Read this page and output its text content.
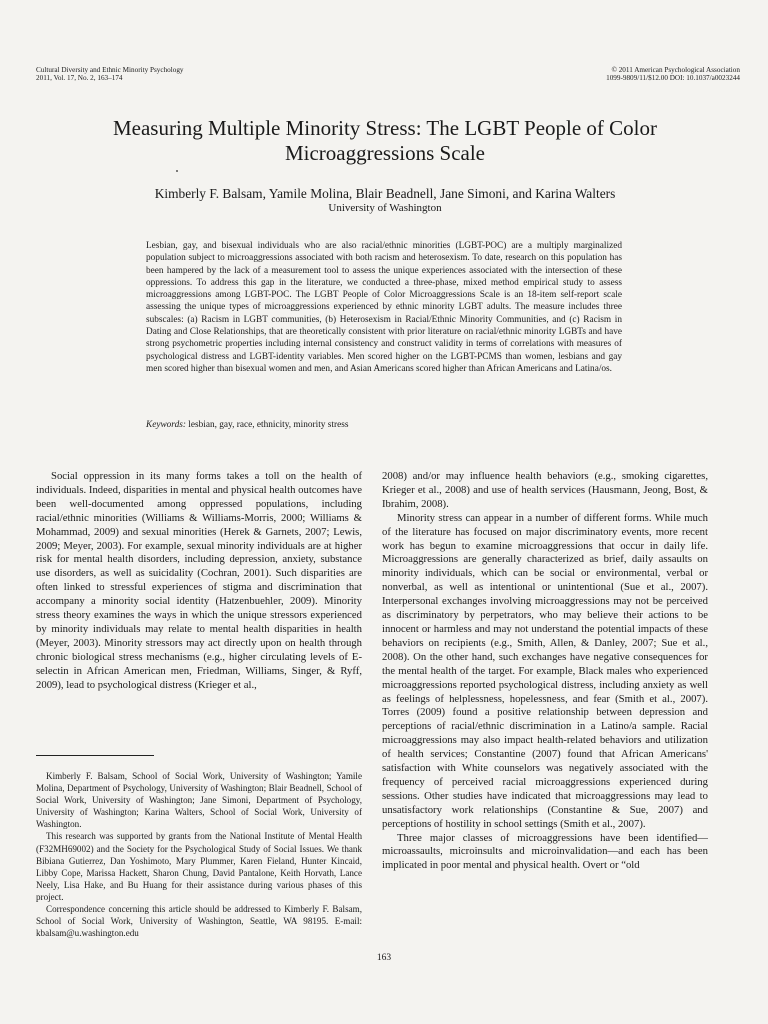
Cultural Diversity and Ethnic Minority Psychology
2011, Vol. 17, No. 2, 163–174
© 2011 American Psychological Association
1099-9809/11/$12.00 DOI: 10.1037/a0023244
Measuring Multiple Minority Stress: The LGBT People of Color
Microaggressions Scale
Kimberly F. Balsam, Yamile Molina, Blair Beadnell, Jane Simoni, and Karina Walters
University of Washington

Lesbian, gay, and bisexual individuals who are also racial/ethnic minorities (LGBT-POC) are a multiply marginalized population subject to microaggressions associated with both racism and heterosexism. To date, research on this population has been hampered by the lack of a measurement tool to assess the unique experiences associated with the intersection of these oppressions. To address this gap in the literature, we conducted a three-phase, mixed method empirical study to assess microaggressions among LGBT-POC. The LGBT People of Color Microaggressions Scale is an 18-item self-report scale assessing the unique types of microaggressions experienced by ethnic minority LGBT adults. The measure includes three subscales: (a) Racism in LGBT communities, (b) Heterosexism in Racial/Ethnic Minority Communities, and (c) Racism in Dating and Close Relationships, that are theoretically consistent with prior literature on racial/ethnic minority LGBTs and have strong psychometric properties including internal consistency and construct validity in terms of correlations with measures of psychological distress and LGBT-identity variables. Men scored higher on the LGBT-PCMS than women, lesbians and gay men scored higher than bisexual women and men, and Asian Americans scored higher than African Americans and Latina/os.

Keywords: lesbian, gay, race, ethnicity, minority stress

Social oppression in its many forms takes a toll on the health of individuals. Indeed, disparities in mental and physical health outcomes have been well-documented among oppressed populations, including racial/ethnic minorities (Williams & Williams-Morris, 2000; Williams & Mohammad, 2009) and sexual minorities (Herek & Garnets, 2007; Lewis, 2009; Meyer, 2003). For example, sexual minority individuals are at higher risk for mental health disorders, including depression, anxiety, substance use disorders, as well as suicidality (Cochran, 2001). Such disparities are often linked to stressful experiences of stigma and discrimination that accompany a minority social identity (Hatzenbuehler, 2009). Minority stress theory examines the ways in which the unique stressors experienced by minority individuals may relate to mental health disparities in health (Meyer, 2003). Minority stressors may act directly upon on health through chronic biological stress mechanisms (e.g., higher circulating levels of E-selectin in African American men, Friedman, Williams, Singer, & Ryff, 2009), lead to psychological distress (Krieger et al.,

2008) and/or may influence health behaviors (e.g., smoking cigarettes, Krieger et al., 2008) and use of health services (Hausmann, Jeong, Bost, & Ibrahim, 2008).

Minority stress can appear in a number of different forms. While much of the literature has focused on major discriminatory events, more recent work has begun to examine microaggressions that occur in daily life. Microaggressions are generally characterized as brief, daily assaults on minority individuals, which can be social or environmental, verbal or nonverbal, as well as intentional or unintentional (Sue et al., 2007). Interpersonal exchanges involving microaggressions may not be perceived as discriminatory by perpetrators, who may believe their actions to be innocent or harmless and may not understand the potential impacts of these behaviors on recipients (e.g., Smith, Allen, & Danley, 2007; Sue et al., 2008). On the other hand, such exchanges have negative consequences for the mental health of the target. For example, Black males who experienced microaggressions reported psychological distress, including anxiety as well as feelings of helplessness, hopelessness, and fear (Smith et al., 2007). Torres (2009) found a positive relationship between depression and perceptions of racial/ethnic discrimination in a Latino/a sample. Racial microaggressions may also impact health-related behaviors and utilization of health services; Constantine (2007) found that African Americans' satisfaction with White counselors was negatively associated with the frequency of perceived racial microaggressions experienced during sessions. Other studies have indicated that microaggressions may lead to unsatisfactory work relationships (Constantine & Sue, 2007) and perceptions of hostility in school settings (Smith et al., 2007).

Three major classes of microaggressions have been identified—microassaults, microinsults and microinvalidation—and each has been implicated in poor mental and physical health. Overt or “old

Kimberly F. Balsam, School of Social Work, University of Washington; Yamile Molina, Department of Psychology, University of Washington; Blair Beadnell, School of Social Work, University of Washington; Jane Simoni, Department of Psychology, University of Washington; Karina Walters, School of Social Work, University of Washington.

This research was supported by grants from the National Institute of Mental Health (F32MH69002) and the Society for the Psychological Study of Social Issues. We thank Bibiana Gutierrez, Dan Yoshimoto, Mary Plummer, Karen Fieland, Hunter Kincaid, Libby Cope, Marissa Hackett, Sharon Chung, David Pantalone, Keith Horvath, Lance Neely, Lisa Hake, and Bu Huang for their assistance during various phases of this project.

Correspondence concerning this article should be addressed to Kimberly F. Balsam, School of Social Work, University of Washington, Seattle, WA 98195. E-mail: kbalsam@u.washington.edu

163
